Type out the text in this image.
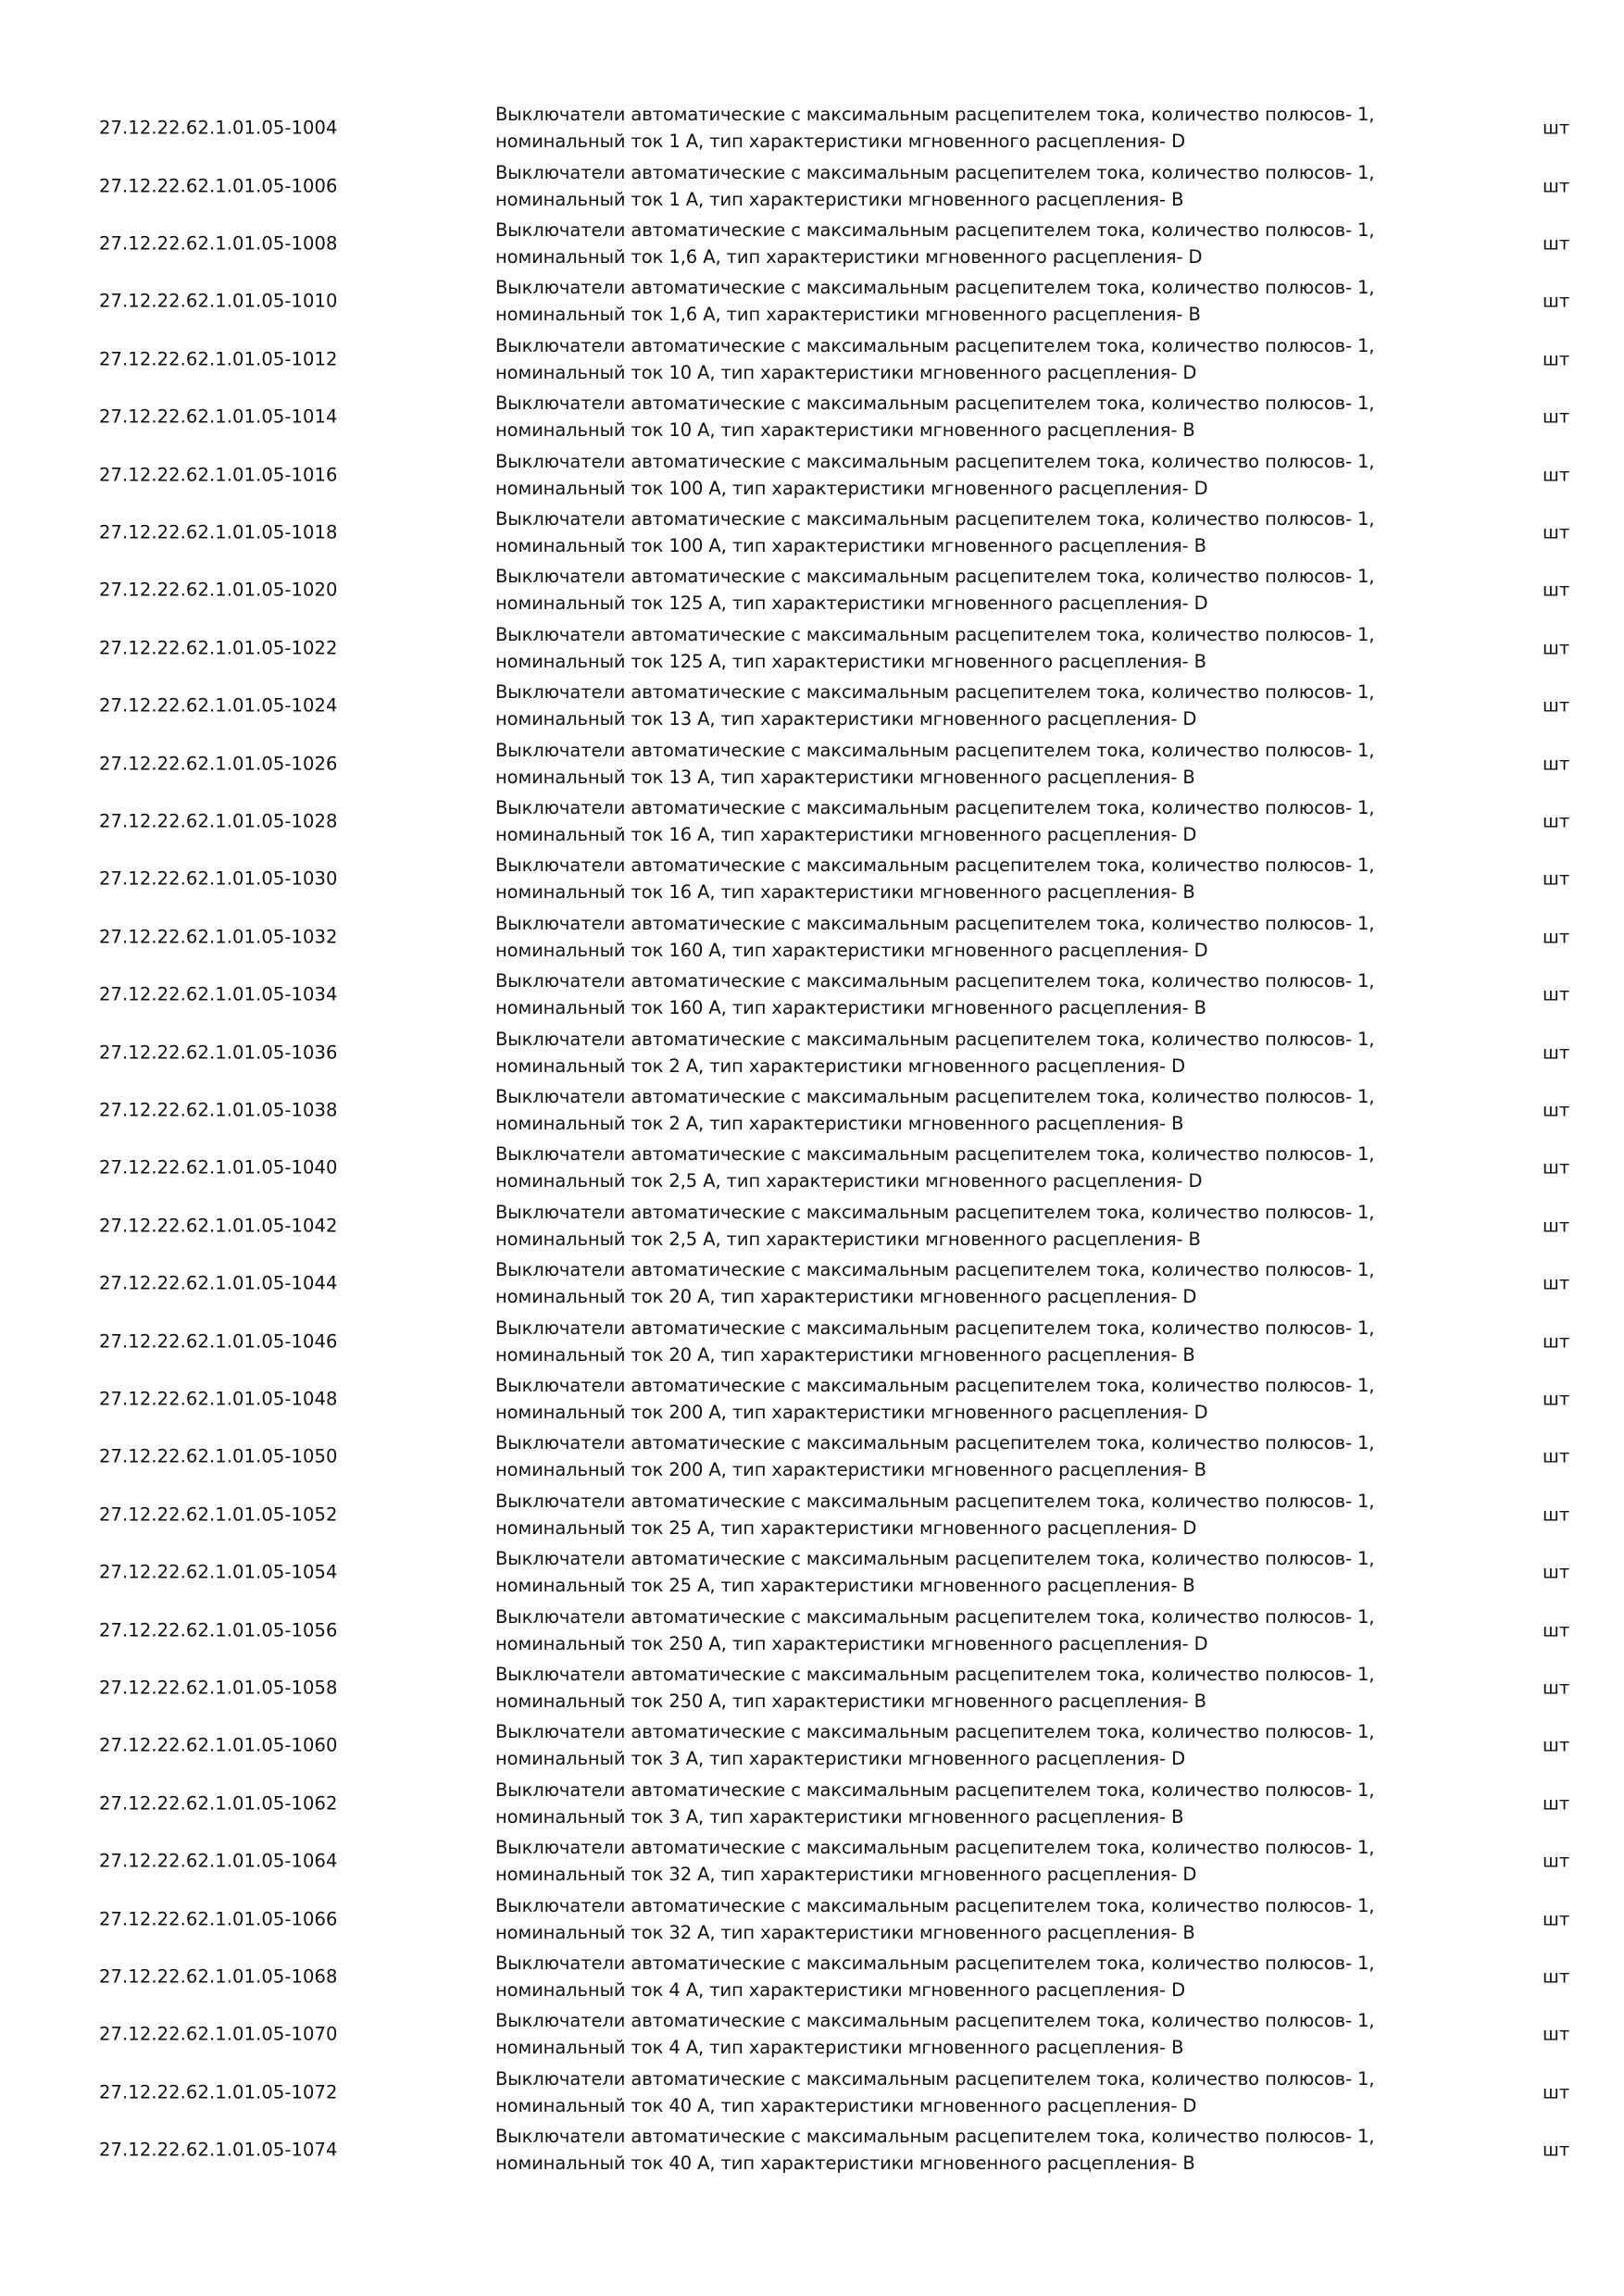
27.12.22.62.1.01.05-1004
Выключатели автоматические с максимальным расцепителем тока, количество полюсов- 1,
номинальный ток 1 А, тип характеристики мгновенного расцепления- D
шт
27.12.22.62.1.01.05-1006
Выключатели автоматические с максимальным расцепителем тока, количество полюсов- 1,
номинальный ток 1 А, тип характеристики мгновенного расцепления- В
шт
27.12.22.62.1.01.05-1008
Выключатели автоматические с максимальным расцепителем тока, количество полюсов- 1,
номинальный ток 1,6 А, тип характеристики мгновенного расцепления- D
шт
27.12.22.62.1.01.05-1010
Выключатели автоматические с максимальным расцепителем тока, количество полюсов- 1,
номинальный ток 1,6 А, тип характеристики мгновенного расцепления- В
шт
27.12.22.62.1.01.05-1012
Выключатели автоматические с максимальным расцепителем тока, количество полюсов- 1,
номинальный ток 10 А, тип характеристики мгновенного расцепления- D
шт
27.12.22.62.1.01.05-1014
Выключатели автоматические с максимальным расцепителем тока, количество полюсов- 1,
номинальный ток 10 А, тип характеристики мгновенного расцепления- В
шт
27.12.22.62.1.01.05-1016
Выключатели автоматические с максимальным расцепителем тока, количество полюсов- 1,
номинальный ток 100 А, тип характеристики мгновенного расцепления- D
шт
27.12.22.62.1.01.05-1018
Выключатели автоматические с максимальным расцепителем тока, количество полюсов- 1,
номинальный ток 100 А, тип характеристики мгновенного расцепления- В
шт
27.12.22.62.1.01.05-1020
Выключатели автоматические с максимальным расцепителем тока, количество полюсов- 1,
номинальный ток 125 А, тип характеристики мгновенного расцепления- D
шт
27.12.22.62.1.01.05-1022
Выключатели автоматические с максимальным расцепителем тока, количество полюсов- 1,
номинальный ток 125 А, тип характеристики мгновенного расцепления- В
шт
27.12.22.62.1.01.05-1024
Выключатели автоматические с максимальным расцепителем тока, количество полюсов- 1,
номинальный ток 13 А, тип характеристики мгновенного расцепления- D
шт
27.12.22.62.1.01.05-1026
Выключатели автоматические с максимальным расцепителем тока, количество полюсов- 1,
номинальный ток 13 А, тип характеристики мгновенного расцепления- В
шт
27.12.22.62.1.01.05-1028
Выключатели автоматические с максимальным расцепителем тока, количество полюсов- 1,
номинальный ток 16 А, тип характеристики мгновенного расцепления- D
шт
27.12.22.62.1.01.05-1030
Выключатели автоматические с максимальным расцепителем тока, количество полюсов- 1,
номинальный ток 16 А, тип характеристики мгновенного расцепления- В
шт
27.12.22.62.1.01.05-1032
Выключатели автоматические с максимальным расцепителем тока, количество полюсов- 1,
номинальный ток 160 А, тип характеристики мгновенного расцепления- D
шт
27.12.22.62.1.01.05-1034
Выключатели автоматические с максимальным расцепителем тока, количество полюсов- 1,
номинальный ток 160 А, тип характеристики мгновенного расцепления- В
шт
27.12.22.62.1.01.05-1036
Выключатели автоматические с максимальным расцепителем тока, количество полюсов- 1,
номинальный ток 2 А, тип характеристики мгновенного расцепления- D
шт
27.12.22.62.1.01.05-1038
Выключатели автоматические с максимальным расцепителем тока, количество полюсов- 1,
номинальный ток 2 А, тип характеристики мгновенного расцепления- В
шт
27.12.22.62.1.01.05-1040
Выключатели автоматические с максимальным расцепителем тока, количество полюсов- 1,
номинальный ток 2,5 А, тип характеристики мгновенного расцепления- D
шт
27.12.22.62.1.01.05-1042
Выключатели автоматические с максимальным расцепителем тока, количество полюсов- 1,
номинальный ток 2,5 А, тип характеристики мгновенного расцепления- В
шт
27.12.22.62.1.01.05-1044
Выключатели автоматические с максимальным расцепителем тока, количество полюсов- 1,
номинальный ток 20 А, тип характеристики мгновенного расцепления- D
шт
27.12.22.62.1.01.05-1046
Выключатели автоматические с максимальным расцепителем тока, количество полюсов- 1,
номинальный ток 20 А, тип характеристики мгновенного расцепления- В
шт
27.12.22.62.1.01.05-1048
Выключатели автоматические с максимальным расцепителем тока, количество полюсов- 1,
номинальный ток 200 А, тип характеристики мгновенного расцепления- D
шт
27.12.22.62.1.01.05-1050
Выключатели автоматические с максимальным расцепителем тока, количество полюсов- 1,
номинальный ток 200 А, тип характеристики мгновенного расцепления- В
шт
27.12.22.62.1.01.05-1052
Выключатели автоматические с максимальным расцепителем тока, количество полюсов- 1,
номинальный ток 25 А, тип характеристики мгновенного расцепления- D
шт
27.12.22.62.1.01.05-1054
Выключатели автоматические с максимальным расцепителем тока, количество полюсов- 1,
номинальный ток 25 А, тип характеристики мгновенного расцепления- В
шт
27.12.22.62.1.01.05-1056
Выключатели автоматические с максимальным расцепителем тока, количество полюсов- 1,
номинальный ток 250 А, тип характеристики мгновенного расцепления- D
шт
27.12.22.62.1.01.05-1058
Выключатели автоматические с максимальным расцепителем тока, количество полюсов- 1,
номинальный ток 250 А, тип характеристики мгновенного расцепления- В
шт
27.12.22.62.1.01.05-1060
Выключатели автоматические с максимальным расцепителем тока, количество полюсов- 1,
номинальный ток 3 А, тип характеристики мгновенного расцепления- D
шт
27.12.22.62.1.01.05-1062
Выключатели автоматические с максимальным расцепителем тока, количество полюсов- 1,
номинальный ток 3 А, тип характеристики мгновенного расцепления- В
шт
27.12.22.62.1.01.05-1064
Выключатели автоматические с максимальным расцепителем тока, количество полюсов- 1,
номинальный ток 32 А, тип характеристики мгновенного расцепления- D
шт
27.12.22.62.1.01.05-1066
Выключатели автоматические с максимальным расцепителем тока, количество полюсов- 1,
номинальный ток 32 А, тип характеристики мгновенного расцепления- В
шт
27.12.22.62.1.01.05-1068
Выключатели автоматические с максимальным расцепителем тока, количество полюсов- 1,
номинальный ток 4 А, тип характеристики мгновенного расцепления- D
шт
27.12.22.62.1.01.05-1070
Выключатели автоматические с максимальным расцепителем тока, количество полюсов- 1,
номинальный ток 4 А, тип характеристики мгновенного расцепления- В
шт
27.12.22.62.1.01.05-1072
Выключатели автоматические с максимальным расцепителем тока, количество полюсов- 1,
номинальный ток 40 А, тип характеристики мгновенного расцепления- D
шт
27.12.22.62.1.01.05-1074
Выключатели автоматические с максимальным расцепителем тока, количество полюсов- 1,
номинальный ток 40 А, тип характеристики мгновенного расцепления- В
шт
